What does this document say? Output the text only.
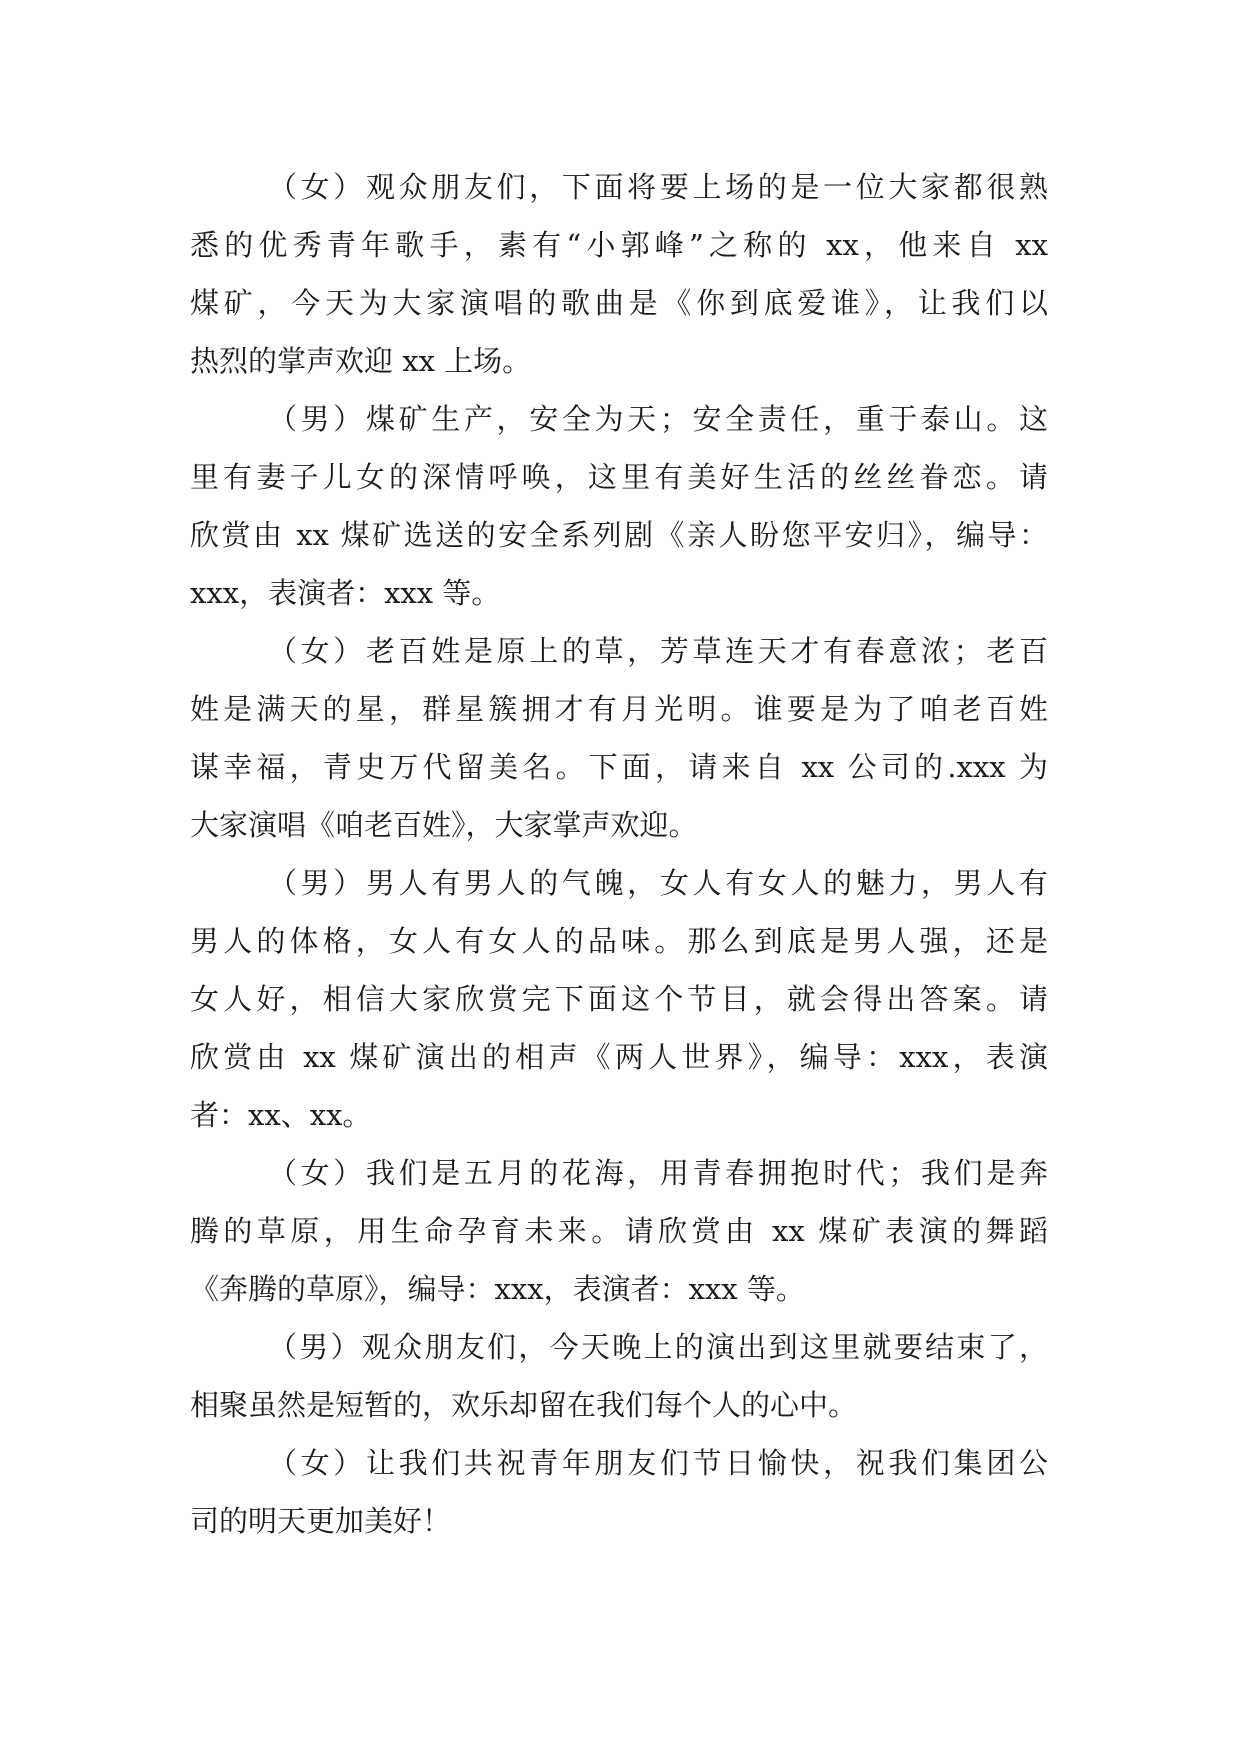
（女）观众朋友们，下面将要上场的是一位大家都很熟
悉的优秀青年歌手，素有“小郭峰”之称的 xx，他来自 xx
煤矿，今天为大家演唱的歌曲是《你到底爱谁》，让我们以
热烈的掌声欢迎 xx 上场。

（男）煤矿生产，安全为天；安全责任，重于泰山。这
里有妻子儿女的深情呼唤，这里有美好生活的丝丝眷恋。请
欣赏由 xx 煤矿选送的安全系列剧《亲人盼您平安归》，编导：
xxx，表演者：xxx 等。

（女）老百姓是原上的草，芳草连天才有春意浓；老百
姓是满天的星，群星簇拥才有月光明。谁要是为了咱老百姓
谋幸福，青史万代留美名。下面，请来自 xx 公司的.xxx 为
大家演唱《咱老百姓》，大家掌声欢迎。

（男）男人有男人的气魄，女人有女人的魅力，男人有
男人的体格，女人有女人的品味。那么到底是男人强，还是
女人好，相信大家欣赏完下面这个节目，就会得出答案。请
欣赏由 xx 煤矿演出的相声《两人世界》，编导：xxx，表演
者：xx、xx。

（女）我们是五月的花海，用青春拥抱时代；我们是奔
腾的草原，用生命孕育未来。请欣赏由 xx 煤矿表演的舞蹈
《奔腾的草原》，编导：xxx，表演者：xxx 等。

（男）观众朋友们，今天晚上的演出到这里就要结束了，
相聚虽然是短暂的，欢乐却留在我们每个人的心中。

（女）让我们共祝青年朋友们节日愉快，祝我们集团公
司的明天更加美好！
